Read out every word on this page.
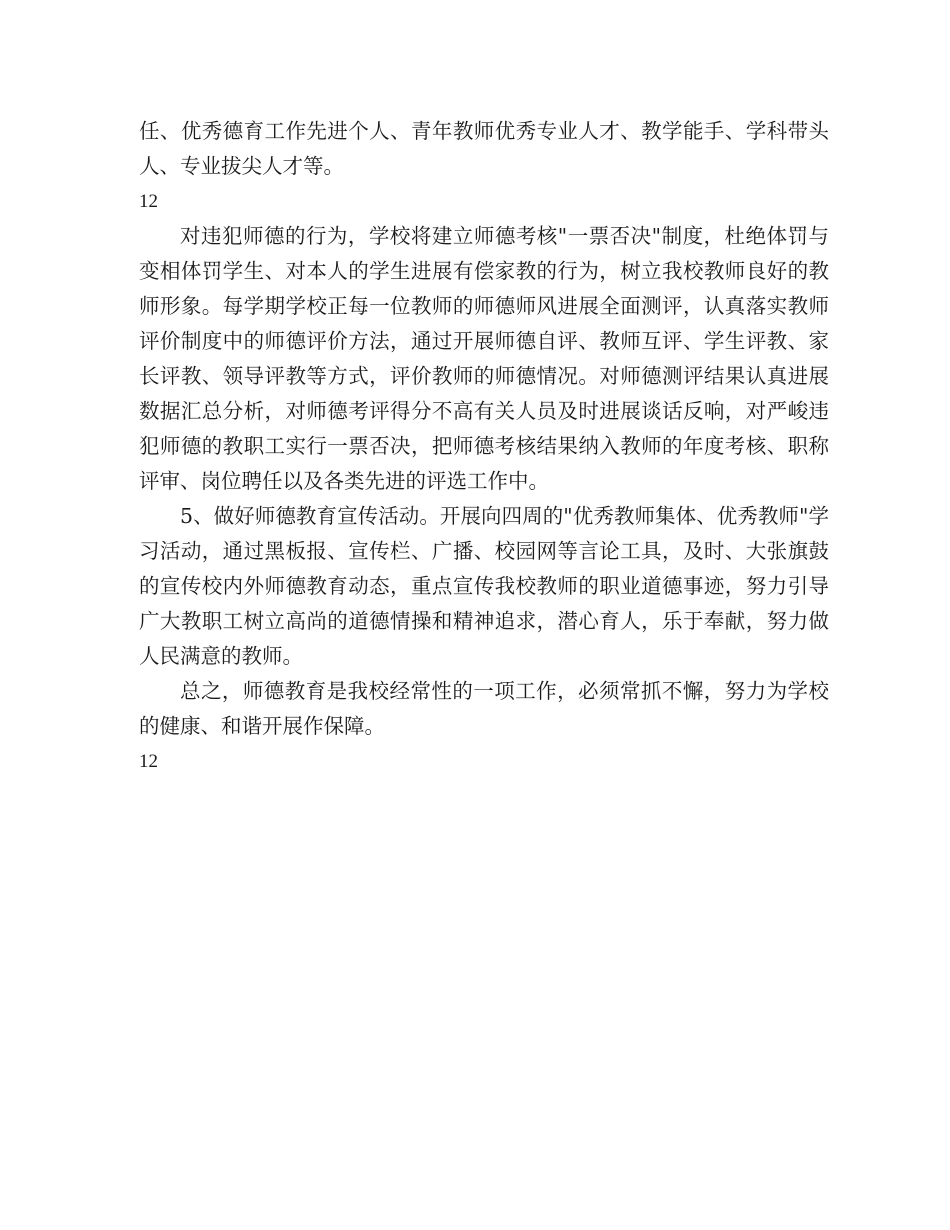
任、优秀德育工作先进个人、青年教师优秀专业人才、教学能手、学科带头人、专业拔尖人才等。

12

对违犯师德的行为，学校将建立师德考核"一票否决"制度，杜绝体罚与变相体罚学生、对本人的学生进展有偿家教的行为，树立我校教师良好的教师形象。每学期学校正每一位教师的师德师风进展全面测评，认真落实教师评价制度中的师德评价方法，通过开展师德自评、教师互评、学生评教、家长评教、领导评教等方式，评价教师的师德情况。对师德测评结果认真进展数据汇总分析，对师德考评得分不高有关人员及时进展谈话反响，对严峻违犯师德的教职工实行一票否决，把师德考核结果纳入教师的年度考核、职称评审、岗位聘任以及各类先进的评选工作中。

5、做好师德教育宣传活动。开展向四周的"优秀教师集体、优秀教师"学习活动，通过黑板报、宣传栏、广播、校园网等言论工具，及时、大张旗鼓的宣传校内外师德教育动态，重点宣传我校教师的职业道德事迹，努力引导广大教职工树立高尚的道德情操和精神追求，潜心育人，乐于奉献，努力做人民满意的教师。

总之，师德教育是我校经常性的一项工作，必须常抓不懈，努力为学校的健康、和谐开展作保障。

12
